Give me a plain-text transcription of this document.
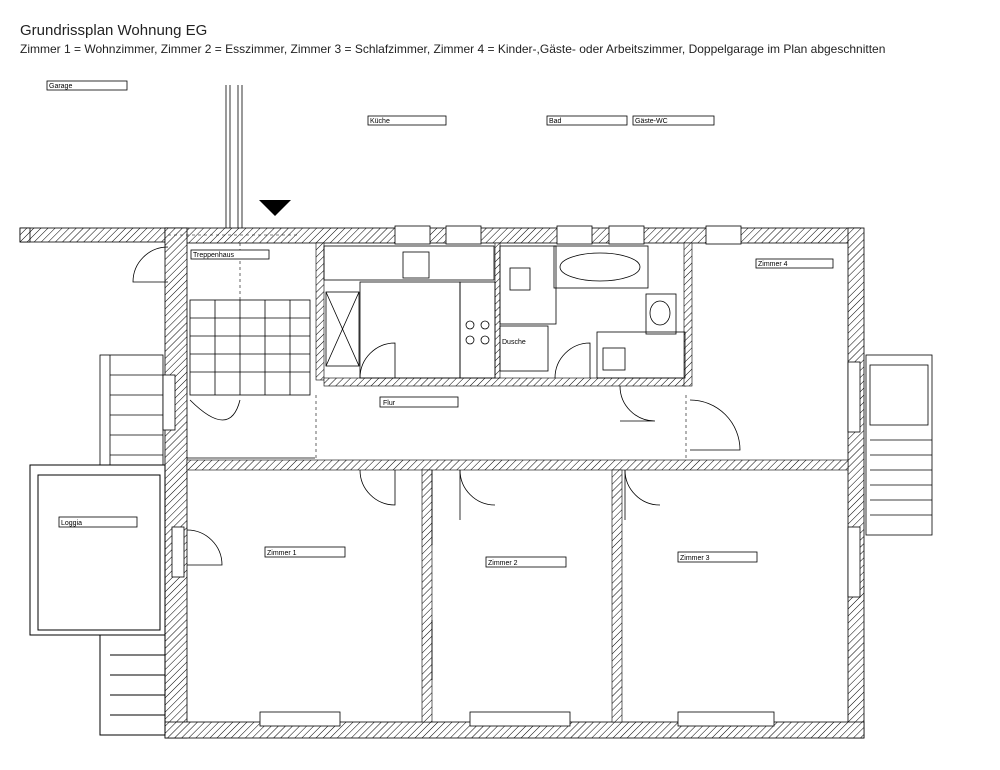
Grundrissplan Wohnung EG
Zimmer 1 = Wohnzimmer, Zimmer 2 = Esszimmer, Zimmer 3 = Schlafzimmer, Zimmer 4 = Kinder-,Gäste- oder Arbeitszimmer, Doppelgarage im Plan abgeschnitten
Garage
Küche	Bad	Gäste-WC
Treppenhaus
Zimmer 4
Dusche
Flur
Loggia
Zimmer 1
Zimmer 2
Zimmer 3
